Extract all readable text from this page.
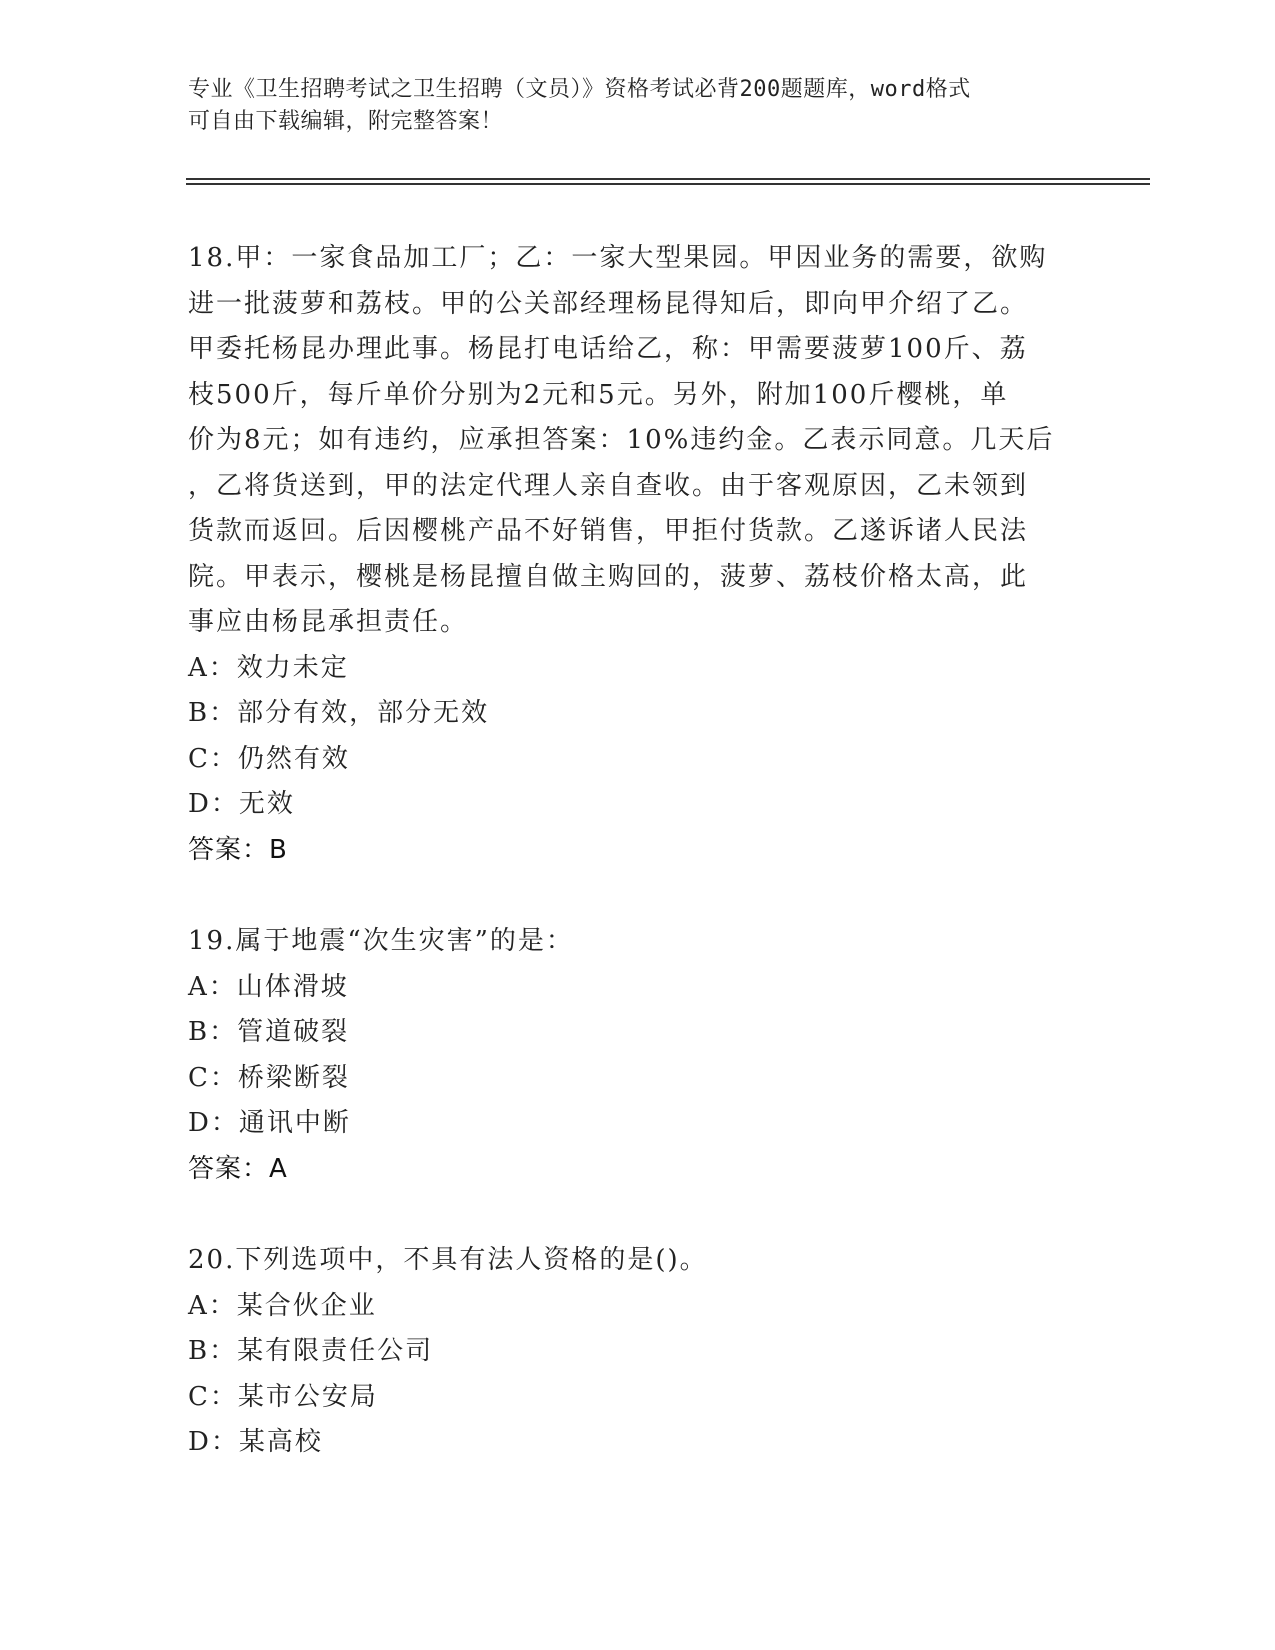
专业《卫生招聘考试之卫生招聘（文员）》资格考试必背200题题库，word格式
可自由下载编辑，附完整答案！
18.甲：一家食品加工厂；乙：一家大型果园。甲因业务的需要，欲购
进一批菠萝和荔枝。甲的公关部经理杨昆得知后，即向甲介绍了乙。
甲委托杨昆办理此事。杨昆打电话给乙，称：甲需要菠萝100斤、荔
枝500斤，每斤单价分别为2元和5元。另外，附加100斤樱桃，单
价为8元；如有违约，应承担答案：10%违约金。乙表示同意。几天后
，乙将货送到，甲的法定代理人亲自查收。由于客观原因，乙未领到
货款而返回。后因樱桃产品不好销售，甲拒付货款。乙遂诉诸人民法
院。甲表示，樱桃是杨昆擅自做主购回的，菠萝、荔枝价格太高，此
事应由杨昆承担责任。
A：效力未定
B：部分有效，部分无效
C：仍然有效
D：无效
答案：B
19.属于地震“次生灾害”的是：
A：山体滑坡
B：管道破裂
C：桥梁断裂
D：通讯中断
答案：A
20.下列选项中，不具有法人资格的是()。
A：某合伙企业
B：某有限责任公司
C：某市公安局
D：某高校
